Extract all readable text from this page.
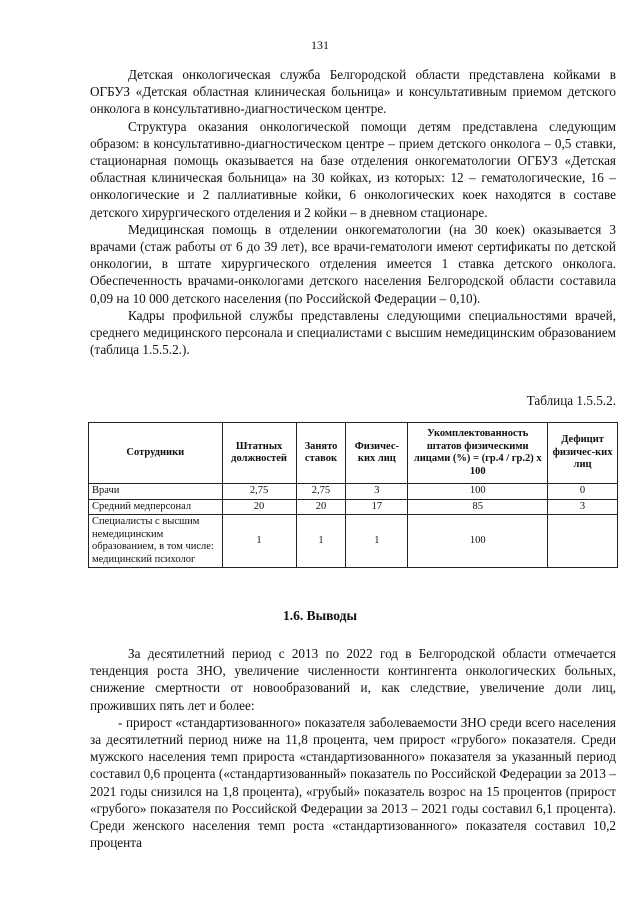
131

Детская онкологическая служба Белгородской области представлена койками в ОГБУЗ «Детская областная клиническая больница» и консультативным приемом детского онколога в консультативно-диагностическом центре.

Структура оказания онкологической помощи детям представлена следующим образом: в консультативно-диагностическом центре – прием детского онколога – 0,5 ставки, стационарная помощь оказывается на базе отделения онкогематологии ОГБУЗ «Детская областная клиническая больница» на 30 койках, из которых: 12 – гематологические, 16 – онкологические и 2 паллиативные койки, 6 онкологических коек находятся в составе детского хирургического отделения и 2 койки – в дневном стационаре.

Медицинская помощь в отделении онкогематологии (на 30 коек) оказывается 3 врачами (стаж работы от 6 до 39 лет), все врачи-гематологи имеют сертификаты по детской онкологии, в штате хирургического отделения имеется 1 ставка детского онколога. Обеспеченность врачами-онкологами детского населения Белгородской области составила 0,09 на 10 000 детского населения (по Российской Федерации – 0,10).

Кадры профильной службы представлены следующими специальностями врачей, среднего медицинского персонала и специалистами с высшим немедицинским образованием (таблица 1.5.5.2.).

Таблица 1.5.5.2.
Сотрудники	Штатных должностей	Занято ставок	Физичес-ких лиц	Укомплектованность штатов физическими лицами (%) = (гр.4 / гр.2) х 100	Дефицит физичес-ких лиц
Врачи	2,75	2,75	3	100	0
Средний медперсонал	20	20	17	85	3
Специалисты с высшим немедицинским образованием, в том числе: медицинский психолог	1	1	1	100	
1.6. Выводы

За десятилетний период с 2013 по 2022 год в Белгородской области отмечается тенденция роста ЗНО, увеличение численности контингента онкологических больных, снижение смертности от новообразований и, как следствие, увеличение доли лиц, проживших пять лет и более:

- прирост «стандартизованного» показателя заболеваемости ЗНО среди всего населения за десятилетний период ниже на 11,8 процента, чем прирост «грубого» показателя. Среди мужского населения темп прироста «стандартизованного» показателя за указанный период составил 0,6 процента («стандартизованный» показатель по Российской Федерации за 2013 – 2021 годы снизился на 1,8 процента), «грубый» показатель возрос на 15 процентов (прирост «грубого» показателя по Российской Федерации за 2013 – 2021 годы составил 6,1 процента). Среди женского населения темп роста «стандартизованного» показателя составил 10,2 процента
